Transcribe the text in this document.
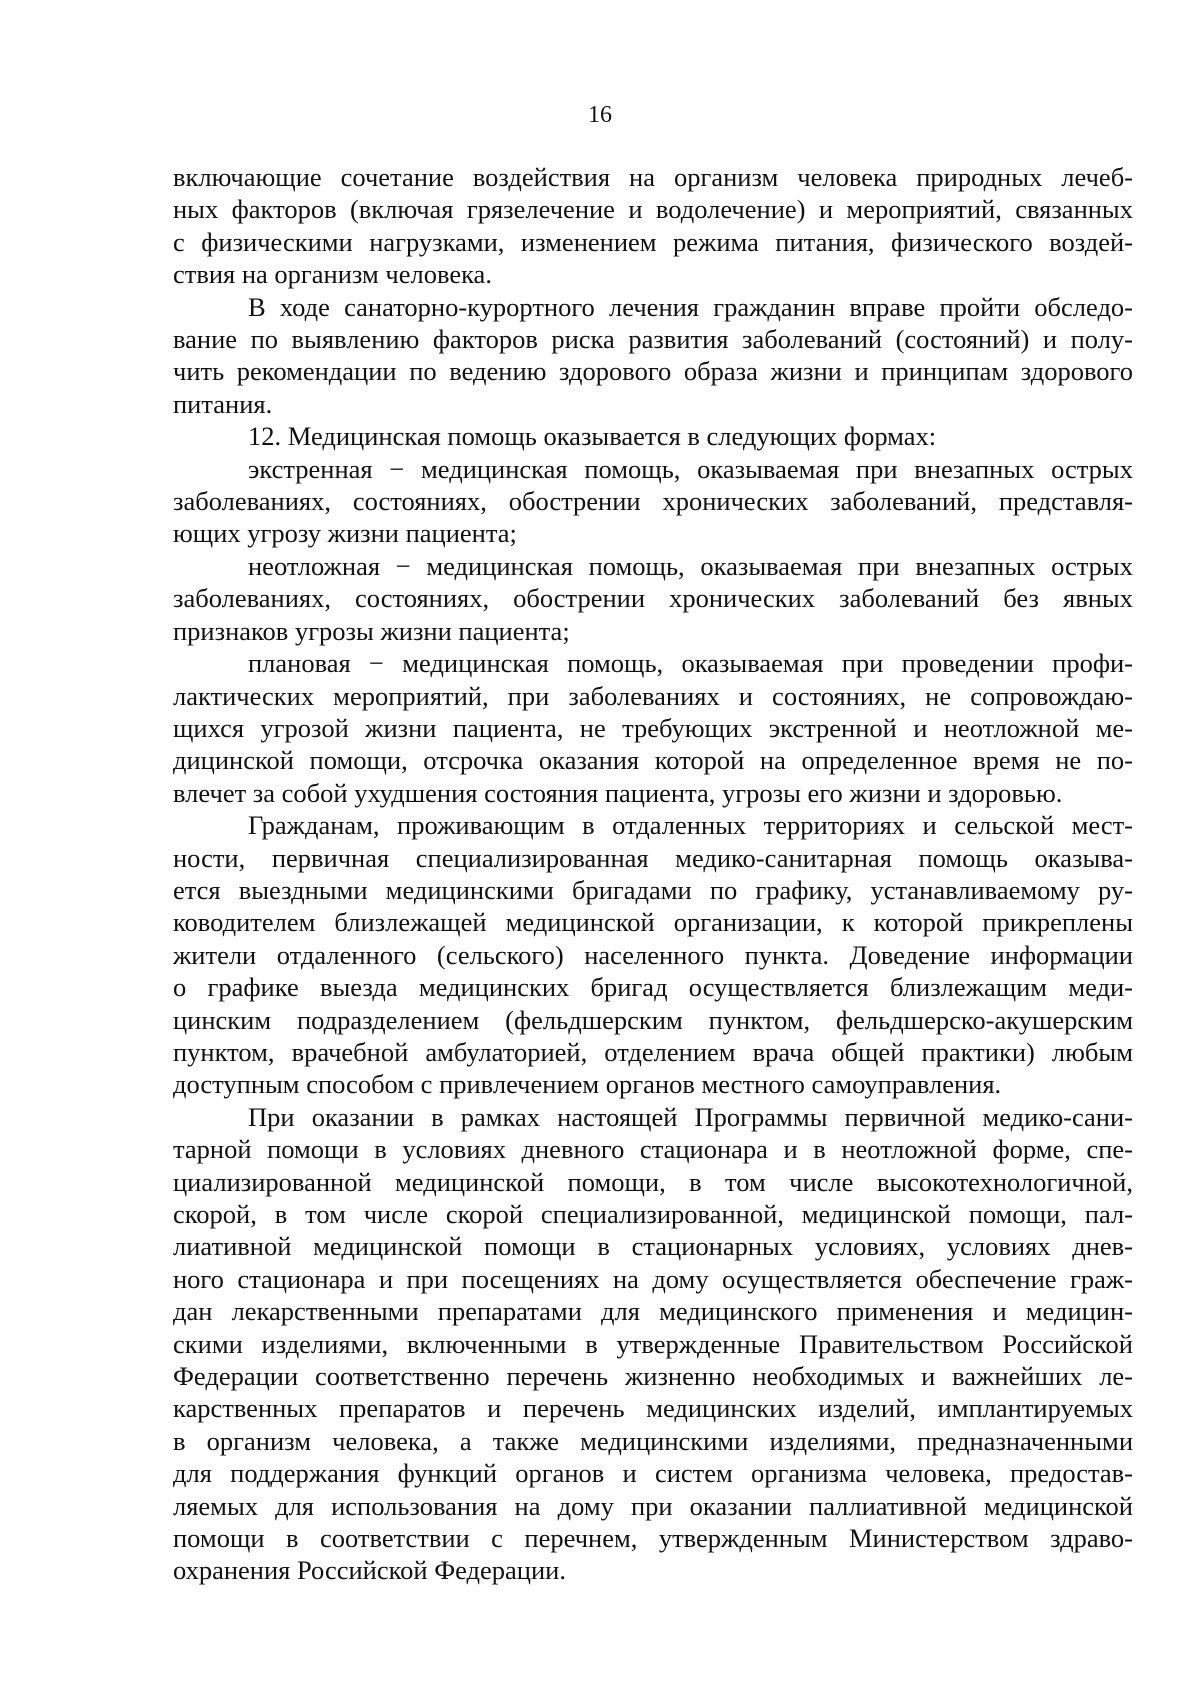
16
включающие сочетание воздействия на организм человека природных лечеб-
ных факторов (включая грязелечение и водолечение) и мероприятий, связанных
с физическими нагрузками, изменением режима питания, физического воздей-
ствия на организм человека.
В ходе санаторно-курортного лечения гражданин вправе пройти обследо-
вание по выявлению факторов риска развития заболеваний (состояний) и полу-
чить рекомендации по ведению здорового образа жизни и принципам здорового
питания.
12. Медицинская помощь оказывается в следующих формах:
экстренная − медицинская помощь, оказываемая при внезапных острых
заболеваниях, состояниях, обострении хронических заболеваний, представля-
ющих угрозу жизни пациента;
неотложная − медицинская помощь, оказываемая при внезапных острых
заболеваниях, состояниях, обострении хронических заболеваний без явных
признаков угрозы жизни пациента;
плановая − медицинская помощь, оказываемая при проведении профи-
лактических мероприятий, при заболеваниях и состояниях, не сопровождаю-
щихся угрозой жизни пациента, не требующих экстренной и неотложной ме-
дицинской помощи, отсрочка оказания которой на определенное время не по-
влечет за собой ухудшения состояния пациента, угрозы его жизни и здоровью.
Гражданам, проживающим в отдаленных территориях и сельской мест-
ности, первичная специализированная медико-санитарная помощь оказыва-
ется выездными медицинскими бригадами по графику, устанавливаемому ру-
ководителем близлежащей медицинской организации, к которой прикреплены
жители отдаленного (сельского) населенного пункта. Доведение информации
о графике выезда медицинских бригад осуществляется близлежащим меди-
цинским подразделением (фельдшерским пунктом, фельдшерско-акушерским
пунктом, врачебной амбулаторией, отделением врача общей практики) любым
доступным способом с привлечением органов местного самоуправления.
При оказании в рамках настоящей Программы первичной медико-сани-
тарной помощи в условиях дневного стационара и в неотложной форме, спе-
циализированной медицинской помощи, в том числе высокотехнологичной,
скорой, в том числе скорой специализированной, медицинской помощи, пал-
лиативной медицинской помощи в стационарных условиях, условиях днев-
ного стационара и при посещениях на дому осуществляется обеспечение граж-
дан лекарственными препаратами для медицинского применения и медицин-
скими изделиями, включенными в утвержденные Правительством Российской
Федерации соответственно перечень жизненно необходимых и важнейших ле-
карственных препаратов и перечень медицинских изделий, имплантируемых
в организм человека, а также медицинскими изделиями, предназначенными
для поддержания функций органов и систем организма человека, предостав-
ляемых для использования на дому при оказании паллиативной медицинской
помощи в соответствии с перечнем, утвержденным Министерством здраво-
охранения Российской Федерации.
